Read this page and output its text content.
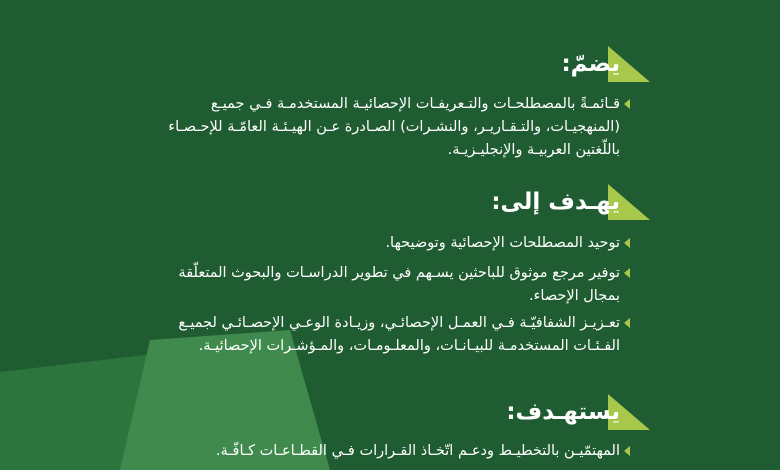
يضمّ:
قـائمـةً بالمصطلحـات والتـعريفـات الإحصائيـة المستخدمـة فـي جميـع (المنهجيـات، والتـقـاريـر، والنشـرات) الصـادرة عـن الهيـئـة العامّـة للإحـصـاء باللّغتين العربيـة والإنجليـزيـة.
يهـدف إلى:
توحيد المصطلحات الإحصائية وتوضيحها.
توفير مرجع موثوق للباحثين يسـهم في تطوير الدراسـات والبحوث المتعلّقة بمجال الإحصاء.
تعـزيـز الشفافيّـة فـي العمـل الإحصائـي، وزيـادة الوعـي الإحصـائـي لجميـع الفـئـات المستخدمـة للبيـانـات، والمعلـومـات، والمـؤشـرات الإحصائيـة.
يستهـدف:
المهتمّيـن بالتخطيـط ودعـم اتّخـاذ القـرارات فـي القطـاعـات كـافّـة.
